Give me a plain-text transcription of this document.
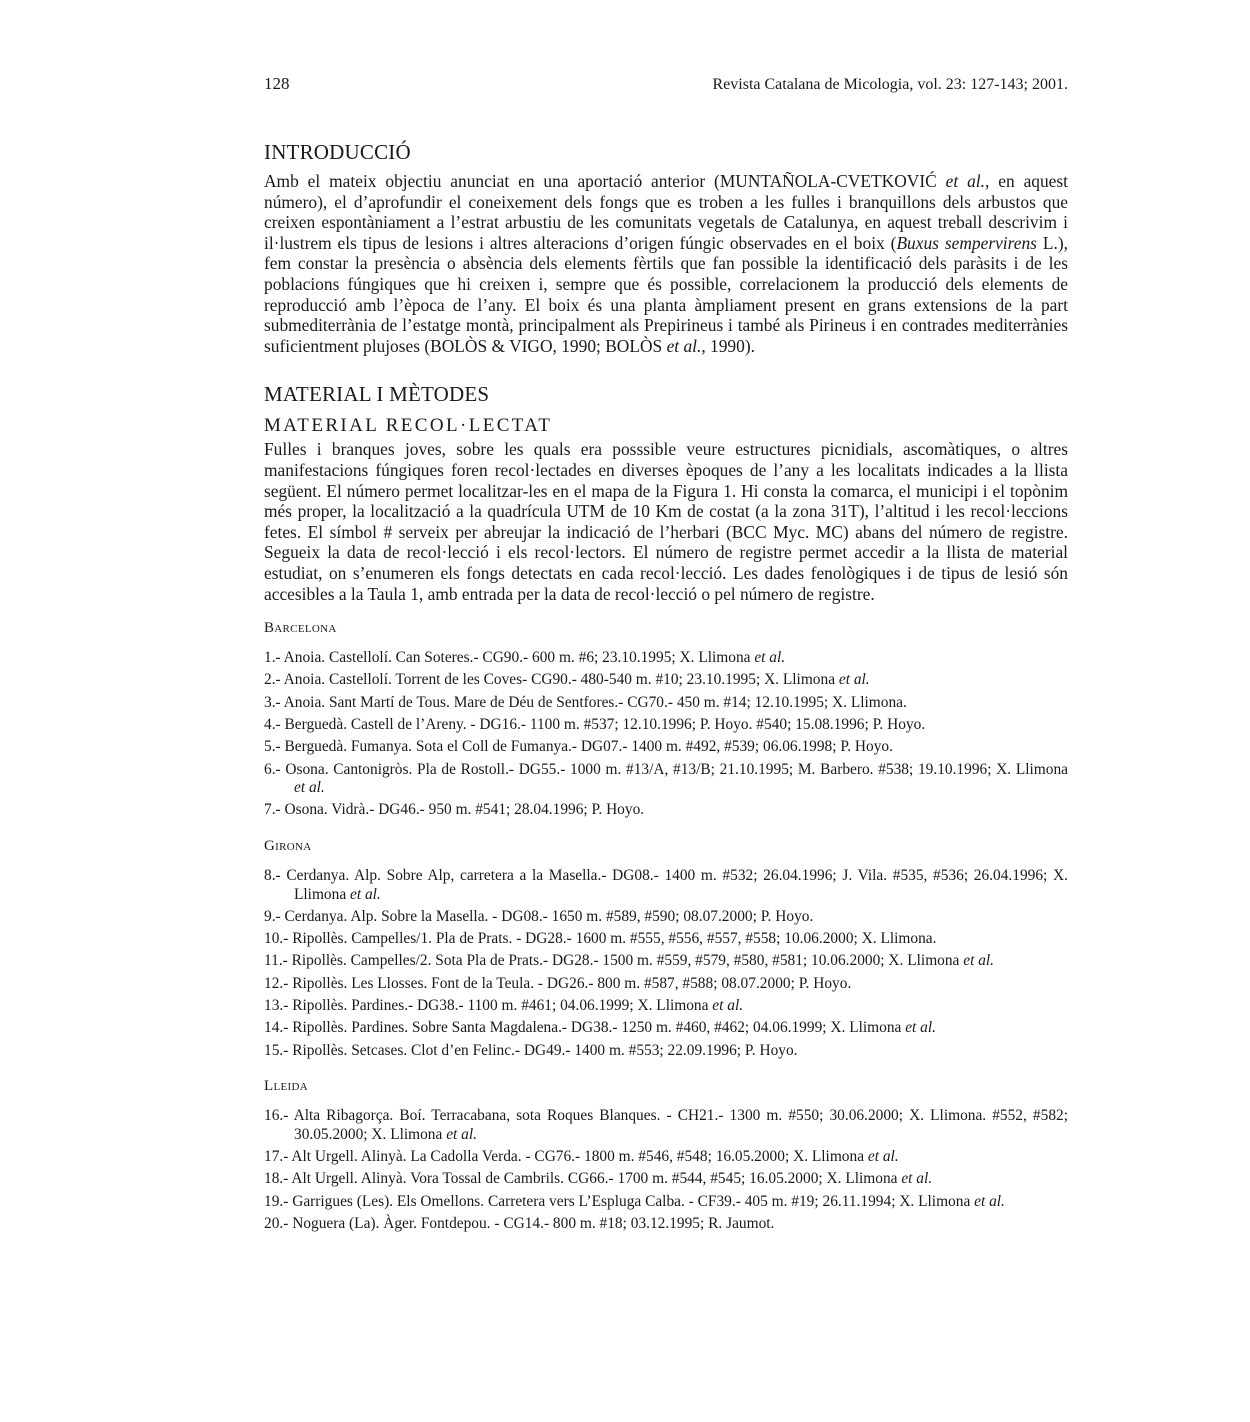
128	Revista Catalana de Micologia, vol. 23: 127-143; 2001.
INTRODUCCIÓ

Amb el mateix objectiu anunciat en una aportació anterior (MUNTAÑOLA-CVETKOVIĆ et al., en aquest número), el d’aprofundir el coneixement dels fongs que es troben a les fulles i branquillons dels arbustos que creixen espontàniament a l’estrat arbustiu de les comunitats vegetals de Catalunya, en aquest treball descrivim i il·lustrem els tipus de lesions i altres alteracions d’origen fúngic observades en el boix (Buxus sempervirens L.), fem constar la presència o absència dels elements fèrtils que fan possible la identificació dels paràsits i de les poblacions fúngiques que hi creixen i, sempre que és possible, correlacionem la producció dels elements de reproducció amb l’època de l’any. El boix és una planta àmpliament present en grans extensions de la part submediterrània de l’estatge montà, principalment als Prepirineus i també als Pirineus i en contrades mediterrànies suficientment plujoses (BOLÒS & VIGO, 1990; BOLÒS et al., 1990).

MATERIAL I MÈTODES
MATERIAL RECOL·LECTAT

Fulles i branques joves, sobre les quals era posssible veure estructures picnidials, ascomàtiques, o altres manifestacions fúngiques foren recol·lectades en diverses èpoques de l’any a les localitats indicades a la llista següent. El número permet localitzar-les en el mapa de la Figura 1. Hi consta la comarca, el municipi i el topònim més proper, la localització a la quadrícula UTM de 10 Km de costat (a la zona 31T), l’altitud i les recol·leccions fetes. El símbol # serveix per abreujar la indicació de l’herbari (BCC Myc. MC) abans del número de registre. Segueix la data de recol·lecció i els recol·lectors. El número de registre permet accedir a la llista de material estudiat, on s’enumeren els fongs detectats en cada recol·lecció. Les dades fenològiques i de tipus de lesió són accesibles a la Taula 1, amb entrada per la data de recol·lecció o pel número de registre.

Barcelona
1.- Anoia. Castellolí. Can Soteres.- CG90.- 600 m. #6; 23.10.1995; X. Llimona et al.
2.- Anoia. Castellolí. Torrent de les Coves- CG90.- 480-540 m. #10; 23.10.1995; X. Llimona et al.
3.- Anoia. Sant Martí de Tous. Mare de Déu de Sentfores.- CG70.- 450 m. #14; 12.10.1995; X. Llimona.
4.- Berguedà. Castell de l’Areny. - DG16.- 1100 m. #537; 12.10.1996; P. Hoyo. #540; 15.08.1996; P. Hoyo.
5.- Berguedà. Fumanya. Sota el Coll de Fumanya.- DG07.- 1400 m. #492, #539; 06.06.1998; P. Hoyo.
6.- Osona. Cantonigròs. Pla de Rostoll.- DG55.- 1000 m. #13/A, #13/B; 21.10.1995; M. Barbero. #538; 19.10.1996; X. Llimona et al.
7.- Osona. Vidrà.- DG46.- 950 m. #541; 28.04.1996; P. Hoyo.
Girona
8.- Cerdanya. Alp. Sobre Alp, carretera a la Masella.- DG08.- 1400 m. #532; 26.04.1996; J. Vila. #535, #536; 26.04.1996; X. Llimona et al.
9.- Cerdanya. Alp. Sobre la Masella. - DG08.- 1650 m. #589, #590; 08.07.2000; P. Hoyo.
10.- Ripollès. Campelles/1. Pla de Prats. - DG28.- 1600 m. #555, #556, #557, #558; 10.06.2000; X. Llimona.
11.- Ripollès. Campelles/2. Sota Pla de Prats.- DG28.- 1500 m. #559, #579, #580, #581; 10.06.2000; X. Llimona et al.
12.- Ripollès. Les Llosses. Font de la Teula. - DG26.- 800 m. #587, #588; 08.07.2000; P. Hoyo.
13.- Ripollès. Pardines.- DG38.- 1100 m. #461; 04.06.1999; X. Llimona et al.
14.- Ripollès. Pardines. Sobre Santa Magdalena.- DG38.- 1250 m. #460, #462; 04.06.1999; X. Llimona et al.
15.- Ripollès. Setcases. Clot d’en Felinc.- DG49.- 1400 m. #553; 22.09.1996; P. Hoyo.
Lleida
16.- Alta Ribagorça. Boí. Terracabana, sota Roques Blanques. - CH21.- 1300 m. #550; 30.06.2000; X. Llimona. #552, #582; 30.05.2000; X. Llimona et al.
17.- Alt Urgell. Alinyà. La Cadolla Verda. - CG76.- 1800 m. #546, #548; 16.05.2000; X. Llimona et al.
18.- Alt Urgell. Alinyà. Vora Tossal de Cambrils. CG66.- 1700 m. #544, #545; 16.05.2000; X. Llimona et al.
19.- Garrigues (Les). Els Omellons. Carretera vers L’Espluga Calba. - CF39.- 405 m. #19; 26.11.1994; X. Llimona et al.
20.- Noguera (La). Àger. Fontdepou. - CG14.- 800 m. #18; 03.12.1995; R. Jaumot.
